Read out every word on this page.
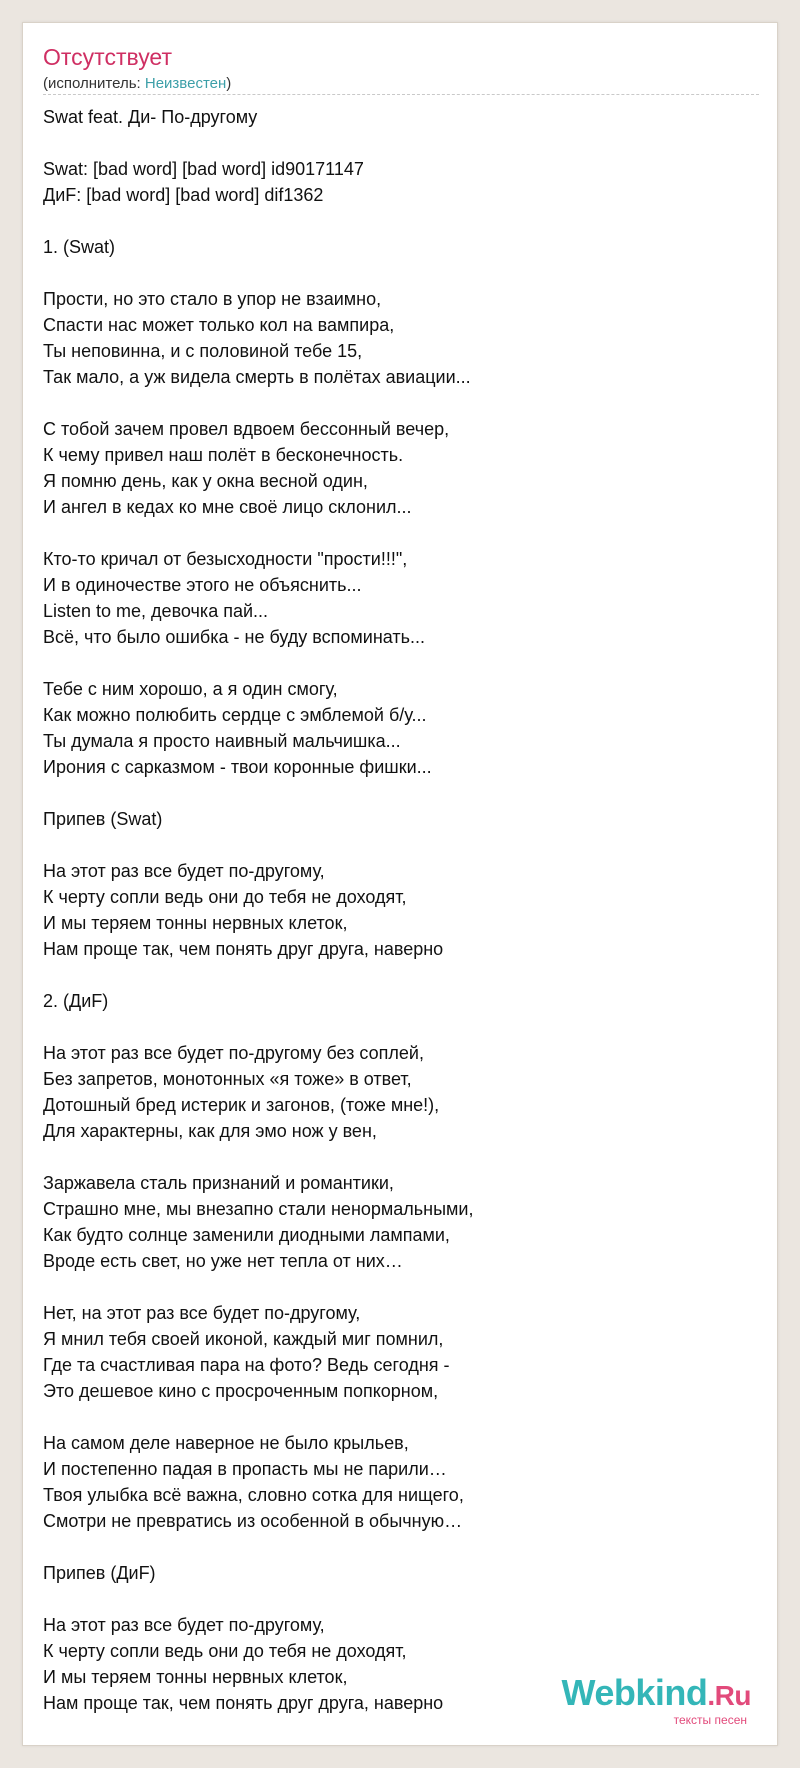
Отсутствует
(исполнитель: Неизвестен)
Swat feat. Ди- По-другому
Swat: [bad word] [bad word] id90171147
ДиF: [bad word] [bad word] dif1362
1. (Swat)
Прости, но это стало в упор не взаимно,
Спасти нас может только кол на вампира,
Ты неповинна, и с половиной тебе 15,
Так мало, а уж видела смерть в полётах авиации...
С тобой зачем провел вдвоем бессонный вечер,
К чему привел наш полёт в бесконечность.
Я помню день, как у окна весной один,
И ангел в кедах ко мне своё лицо склонил...
Кто-то кричал от безысходности "прости!!!",
И в одиночестве этого не объяснить...
Listen to me, девочка пай...
Всё, что было ошибка - не буду вспоминать...
Тебе с ним хорошо, а я один смогу,
Как можно полюбить сердце с эмблемой б/у...
Ты думала я просто наивный мальчишка...
Ирония с сарказмом - твои коронные фишки...
Припев (Swat)
На этот раз все будет по-другому,
К черту сопли ведь они до тебя не доходят,
И мы теряем тонны нервных клеток,
Нам проще так, чем понять друг друга, наверно
2. (ДиF)
На этот раз все будет по-другому без соплей,
Без запретов, монотонных «я тоже» в ответ,
Дотошный бред истерик и загонов, (тоже мне!),
Для характерны, как для эмо нож у вен,
Заржавела сталь признаний и романтики,
Страшно мне, мы внезапно стали ненормальными,
Как будто солнце заменили диодными лампами,
Вроде есть свет, но уже нет тепла от них…
Нет, на этот раз все будет по-другому,
Я мнил тебя своей иконой, каждый миг помнил,
Где та счастливая пара на фото? Ведь сегодня -
Это дешевое кино с просроченным попкорном,
На самом деле наверное не было крыльев,
И постепенно падая в пропасть мы не парили…
Твоя улыбка всё важна, словно сотка для нищего,
Смотри не превратись из особенной в обычную…
Припев (ДиF)
На этот раз все будет по-другому,
К черту сопли ведь они до тебя не доходят,
И мы теряем тонны нервных клеток,
Нам проще так, чем понять друг друга, наверно	Webkind.Ru
тексты песен
